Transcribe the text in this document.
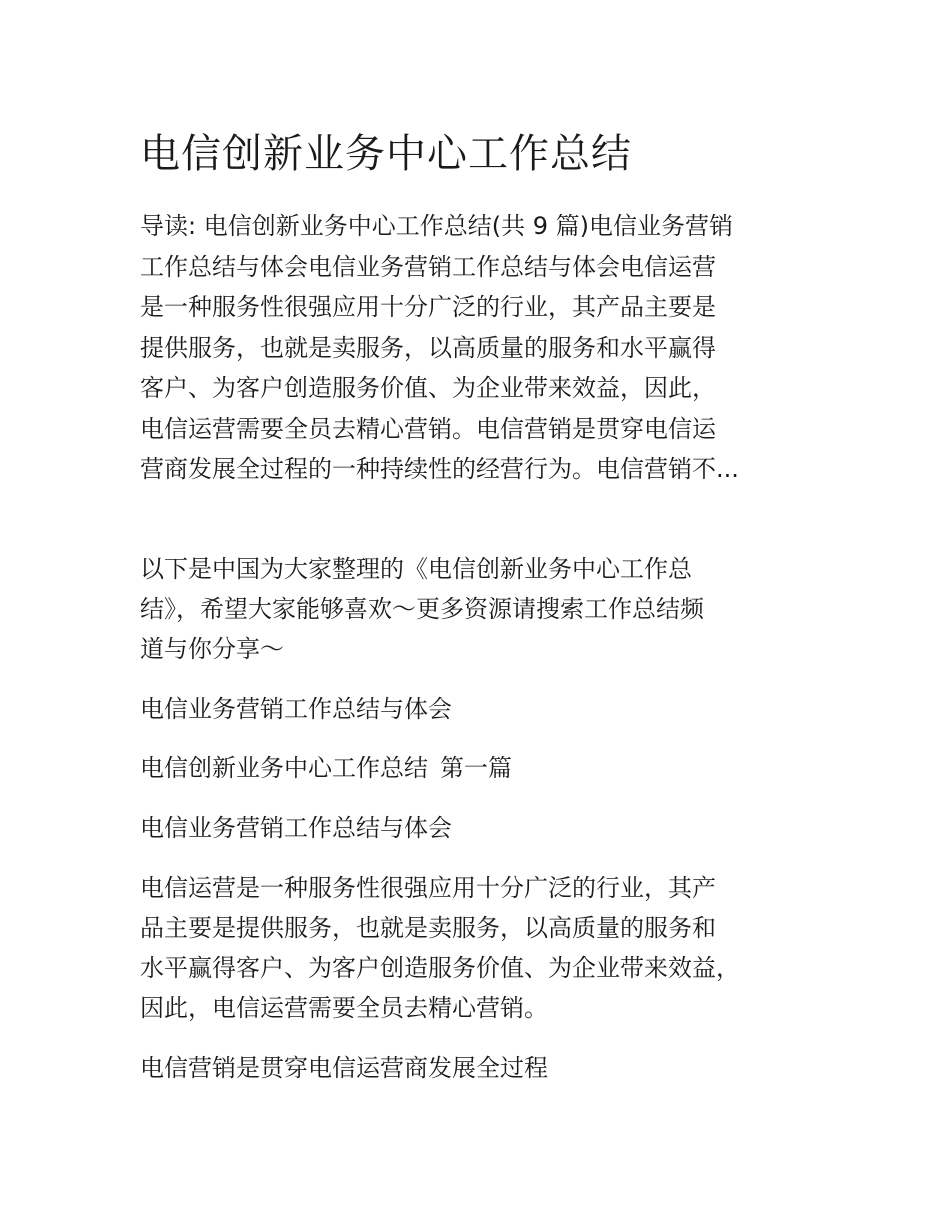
电信创新业务中心工作总结

导读: 电信创新业务中心工作总结(共 9 篇)电信业务营销
工作总结与体会电信业务营销工作总结与体会电信运营
是一种服务性很强应用十分广泛的行业，其产品主要是
提供服务，也就是卖服务，以高质量的服务和水平赢得
客户、为客户创造服务价值、为企业带来效益，因此，
电信运营需要全员去精心营销。电信营销是贯穿电信运
营商发展全过程的一种持续性的经营行为。电信营销不...

以下是中国为大家整理的《电信创新业务中心工作总
结》，希望大家能够喜欢～更多资源请搜索工作总结频
道与你分享～

电信业务营销工作总结与体会

电信创新业务中心工作总结 第一篇

电信业务营销工作总结与体会

电信运营是一种服务性很强应用十分广泛的行业，其产
品主要是提供服务，也就是卖服务，以高质量的服务和
水平赢得客户、为客户创造服务价值、为企业带来效益，
因此，电信运营需要全员去精心营销。

电信营销是贯穿电信运营商发展全过程
